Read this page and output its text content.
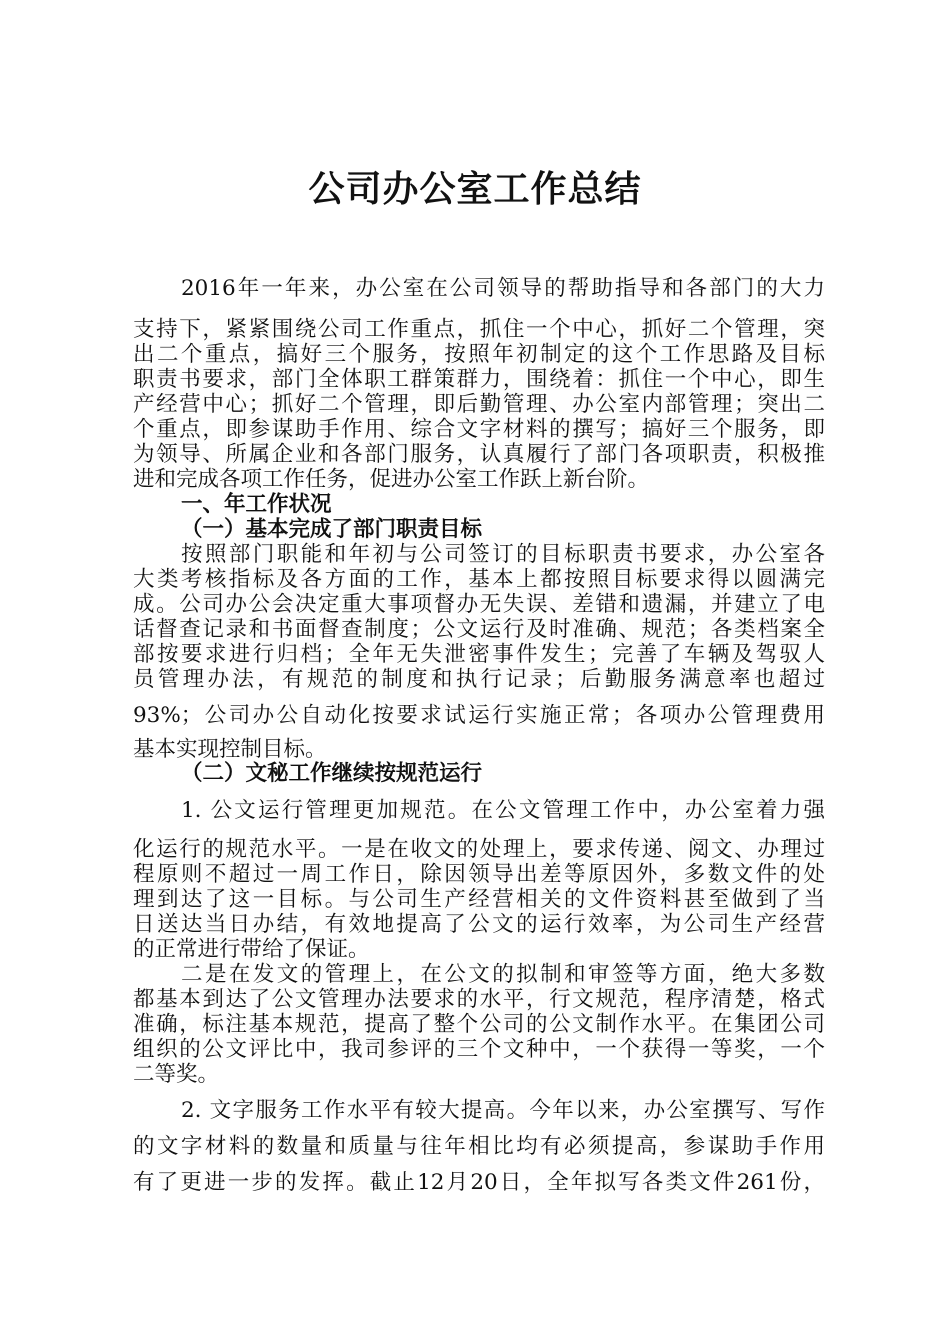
公司办公室工作总结
2016年一年来，办公室在公司领导的帮助指导和各部门的大力
支持下，紧紧围绕公司工作重点，抓住一个中心，抓好二个管理，突
出二个重点，搞好三个服务，按照年初制定的这个工作思路及目标
职责书要求，部门全体职工群策群力，围绕着：抓住一个中心，即生
产经营中心；抓好二个管理，即后勤管理、办公室内部管理；突出二
个重点，即参谋助手作用、综合文字材料的撰写；搞好三个服务，即
为领导、所属企业和各部门服务，认真履行了部门各项职责，积极推
进和完成各项工作任务，促进办公室工作跃上新台阶。
一、年工作状况
（一）基本完成了部门职责目标
按照部门职能和年初与公司签订的目标职责书要求，办公室各
大类考核指标及各方面的工作，基本上都按照目标要求得以圆满完
成。公司办公会决定重大事项督办无失误、差错和遗漏，并建立了电
话督查记录和书面督查制度；公文运行及时准确、规范；各类档案全
部按要求进行归档；全年无失泄密事件发生；完善了车辆及驾驭人
员管理办法，有规范的制度和执行记录；后勤服务满意率也超过
93%；公司办公自动化按要求试运行实施正常；各项办公管理费用
基本实现控制目标。
（二）文秘工作继续按规范运行
1. 公文运行管理更加规范。在公文管理工作中，办公室着力强
化运行的规范水平。一是在收文的处理上，要求传递、阅文、办理过
程原则不超过一周工作日，除因领导出差等原因外，多数文件的处
理到达了这一目标。与公司生产经营相关的文件资料甚至做到了当
日送达当日办结，有效地提高了公文的运行效率，为公司生产经营
的正常进行带给了保证。
二是在发文的管理上，在公文的拟制和审签等方面，绝大多数
都基本到达了公文管理办法要求的水平，行文规范，程序清楚，格式
准确，标注基本规范，提高了整个公司的公文制作水平。在集团公司
组织的公文评比中，我司参评的三个文种中，一个获得一等奖，一个
二等奖。
2. 文字服务工作水平有较大提高。今年以来，办公室撰写、写作
的文字材料的数量和质量与往年相比均有必须提高，参谋助手作用
有了更进一步的发挥。截止12月20日，全年拟写各类文件261份，
